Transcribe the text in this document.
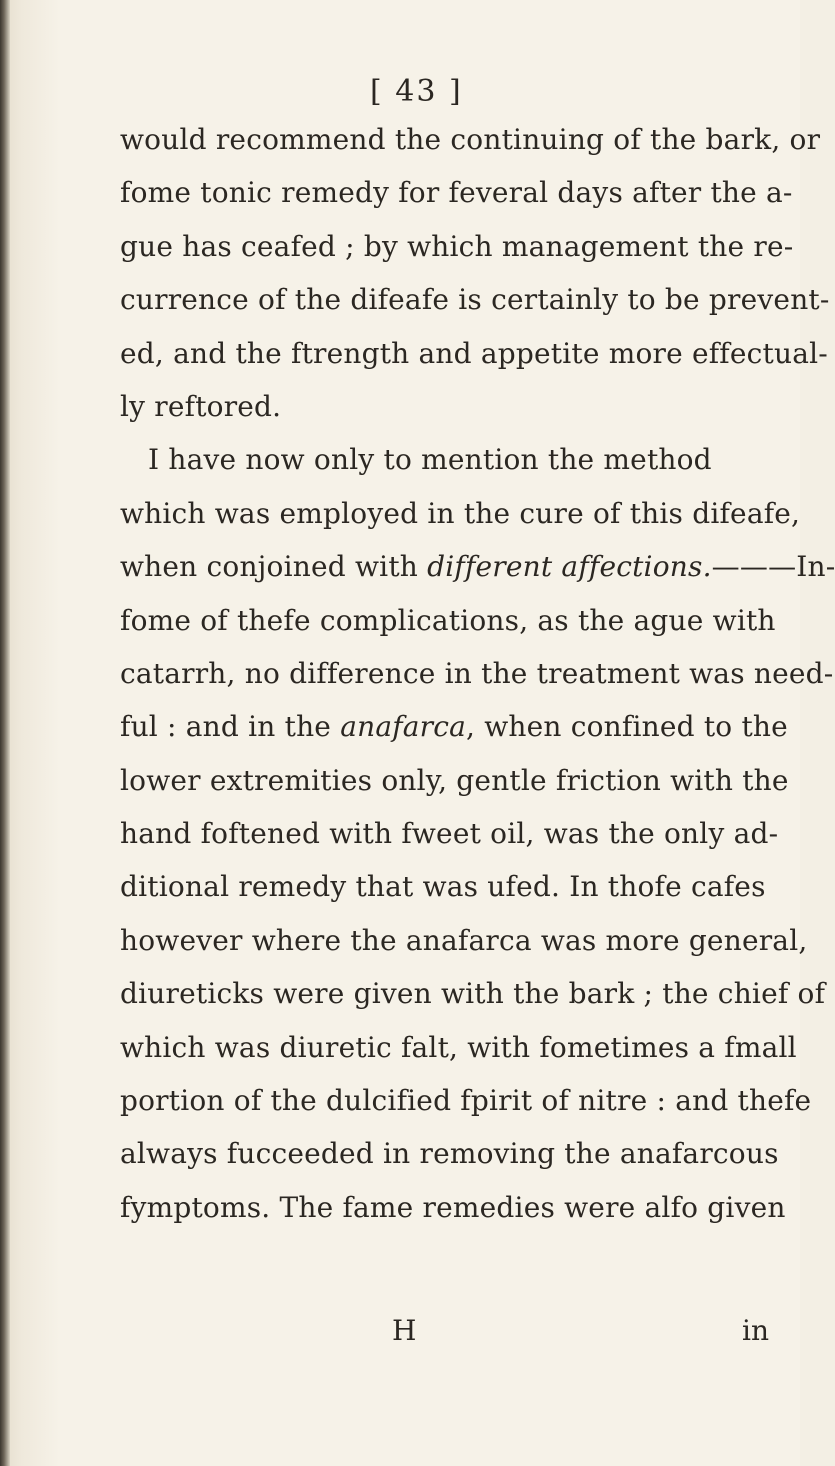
[ 43 ]
would recommend the continuing of the bark, or
fome tonic remedy for feveral days after the a-
gue has ceafed ; by which management the re-
currence of the difeafe is certainly to be prevent-
ed, and the ftrength and appetite more effectual-
ly reftored.
I have now only to mention the method
which was employed in the cure of this difeafe,
when conjoined with different affections.———In-
fome of thefe complications, as the ague with
catarrh, no difference in the treatment was need-
ful : and in the anafarca, when confined to the
lower extremities only, gentle friction with the
hand foftened with fweet oil, was the only ad-
ditional remedy that was ufed. In thofe cafes
however where the anafarca was more general,
diureticks were given with the bark ; the chief of
which was diuretic falt, with fometimes a fmall
portion of the dulcified fpirit of nitre : and thefe
always fucceeded in removing the anafarcous
fymptoms. The fame remedies were alfo given
H	in
